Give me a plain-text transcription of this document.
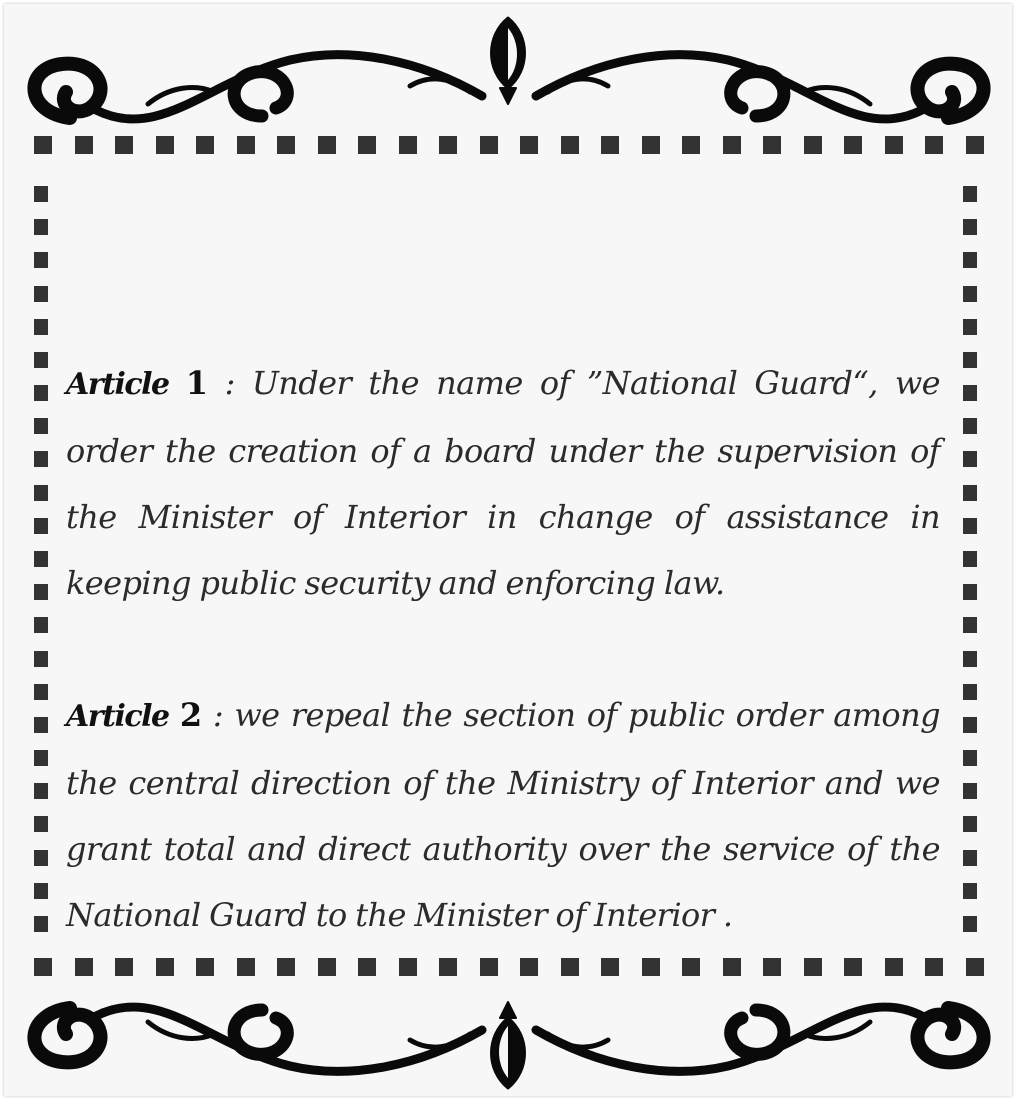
Article 1 : Under the name of ”National Guard“, we order the creation of a board under the supervision of the Minister of Interior in change of assistance in keeping public security and enforcing law.

Article 2 : we repeal the section of public order among the central direction of the Ministry of Interior and we grant total and direct authority over the service of the National Guard to the Minister of Interior .
